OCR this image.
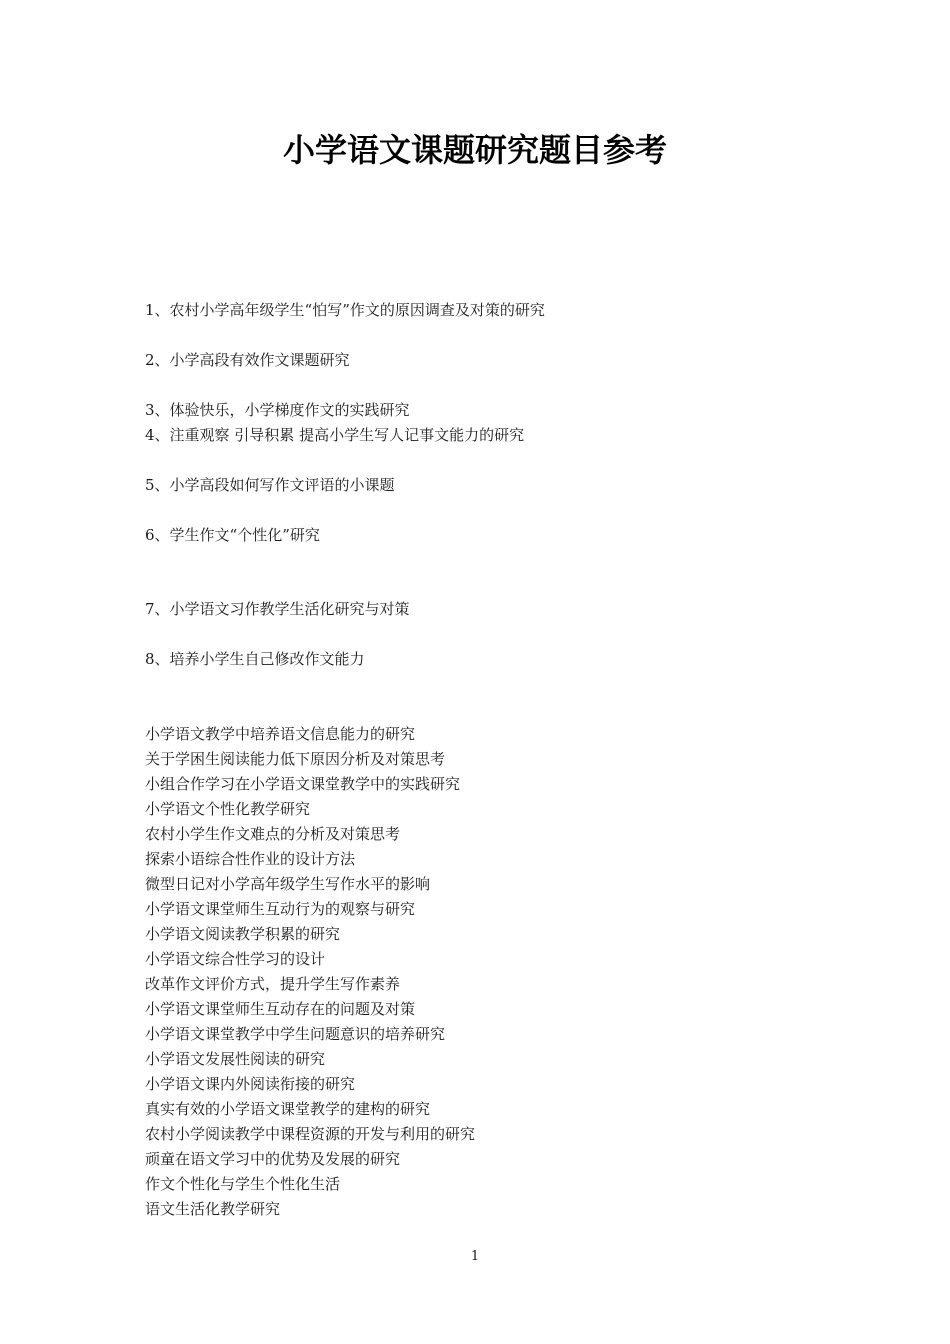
小学语文课题研究题目参考

1、农村小学高年级学生“怕写”作文的原因调查及对策的研究

2、小学高段有效作文课题研究

3、体验快乐，小学梯度作文的实践研究

4、注重观察 引导积累 提高小学生写人记事文能力的研究

5、小学高段如何写作文评语的小课题

6、学生作文“个性化”研究

7、小学语文习作教学生活化研究与对策

8、培养小学生自己修改作文能力

小学语文教学中培养语文信息能力的研究

关于学困生阅读能力低下原因分析及对策思考

小组合作学习在小学语文课堂教学中的实践研究

小学语文个性化教学研究

农村小学生作文难点的分析及对策思考

探索小语综合性作业的设计方法

微型日记对小学高年级学生写作水平的影响

小学语文课堂师生互动行为的观察与研究

小学语文阅读教学积累的研究

小学语文综合性学习的设计

改革作文评价方式，提升学生写作素养

小学语文课堂师生互动存在的问题及对策

小学语文课堂教学中学生问题意识的培养研究

小学语文发展性阅读的研究

小学语文课内外阅读衔接的研究

真实有效的小学语文课堂教学的建构的研究

农村小学阅读教学中课程资源的开发与利用的研究

顽童在语文学习中的优势及发展的研究

作文个性化与学生个性化生活

语文生活化教学研究

1
